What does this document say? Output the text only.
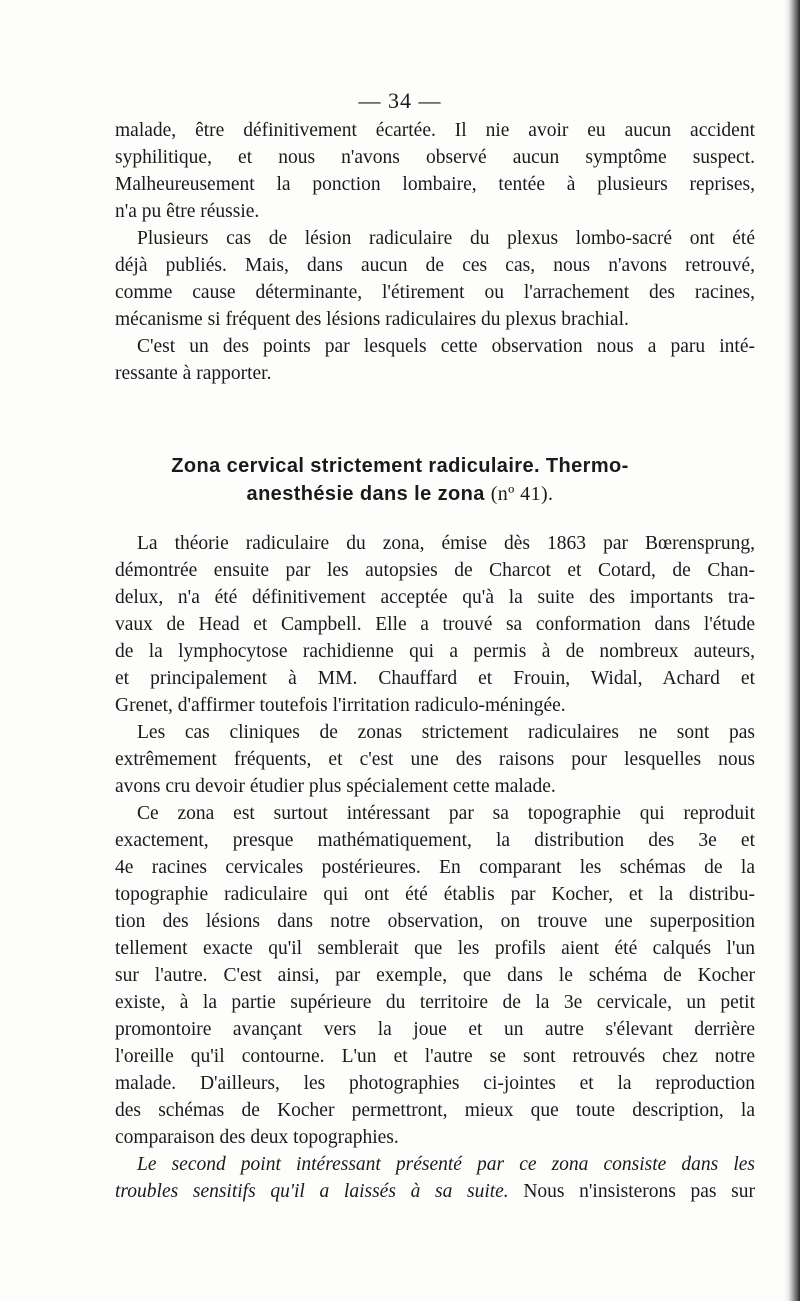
— 34 —
malade, être définitivement écartée. Il nie avoir eu aucun accident
syphilitique, et nous n'avons observé aucun symptôme suspect.
Malheureusement la ponction lombaire, tentée à plusieurs reprises,
n'a pu être réussie.
Plusieurs cas de lésion radiculaire du plexus lombo-sacré ont été
déjà publiés. Mais, dans aucun de ces cas, nous n'avons retrouvé,
comme cause déterminante, l'étirement ou l'arrachement des racines,
mécanisme si fréquent des lésions radiculaires du plexus brachial.
C'est un des points par lesquels cette observation nous a paru inté-
ressante à rapporter.
Zona cervical strictement radiculaire. Thermo-
anesthésie dans le zona (nº 41).
La théorie radiculaire du zona, émise dès 1863 par Bœrensprung,
démontrée ensuite par les autopsies de Charcot et Cotard, de Chan-
delux, n'a été définitivement acceptée qu'à la suite des importants tra-
vaux de Head et Campbell. Elle a trouvé sa conformation dans l'étude
de la lymphocytose rachidienne qui a permis à de nombreux auteurs,
et principalement à MM. Chauffard et Frouin, Widal, Achard et
Grenet, d'affirmer toutefois l'irritation radiculo-méningée.
Les cas cliniques de zonas strictement radiculaires ne sont pas
extrêmement fréquents, et c'est une des raisons pour lesquelles nous
avons cru devoir étudier plus spécialement cette malade.
Ce zona est surtout intéressant par sa topographie qui reproduit
exactement, presque mathématiquement, la distribution des 3e et
4e racines cervicales postérieures. En comparant les schémas de la
topographie radiculaire qui ont été établis par Kocher, et la distribu-
tion des lésions dans notre observation, on trouve une superposition
tellement exacte qu'il semblerait que les profils aient été calqués l'un
sur l'autre. C'est ainsi, par exemple, que dans le schéma de Kocher
existe, à la partie supérieure du territoire de la 3e cervicale, un petit
promontoire avançant vers la joue et un autre s'élevant derrière
l'oreille qu'il contourne. L'un et l'autre se sont retrouvés chez notre
malade. D'ailleurs, les photographies ci-jointes et la reproduction
des schémas de Kocher permettront, mieux que toute description, la
comparaison des deux topographies.
Le second point intéressant présenté par ce zona consiste dans les
troubles sensitifs qu'il a laissés à sa suite. Nous n'insisterons pas sur
